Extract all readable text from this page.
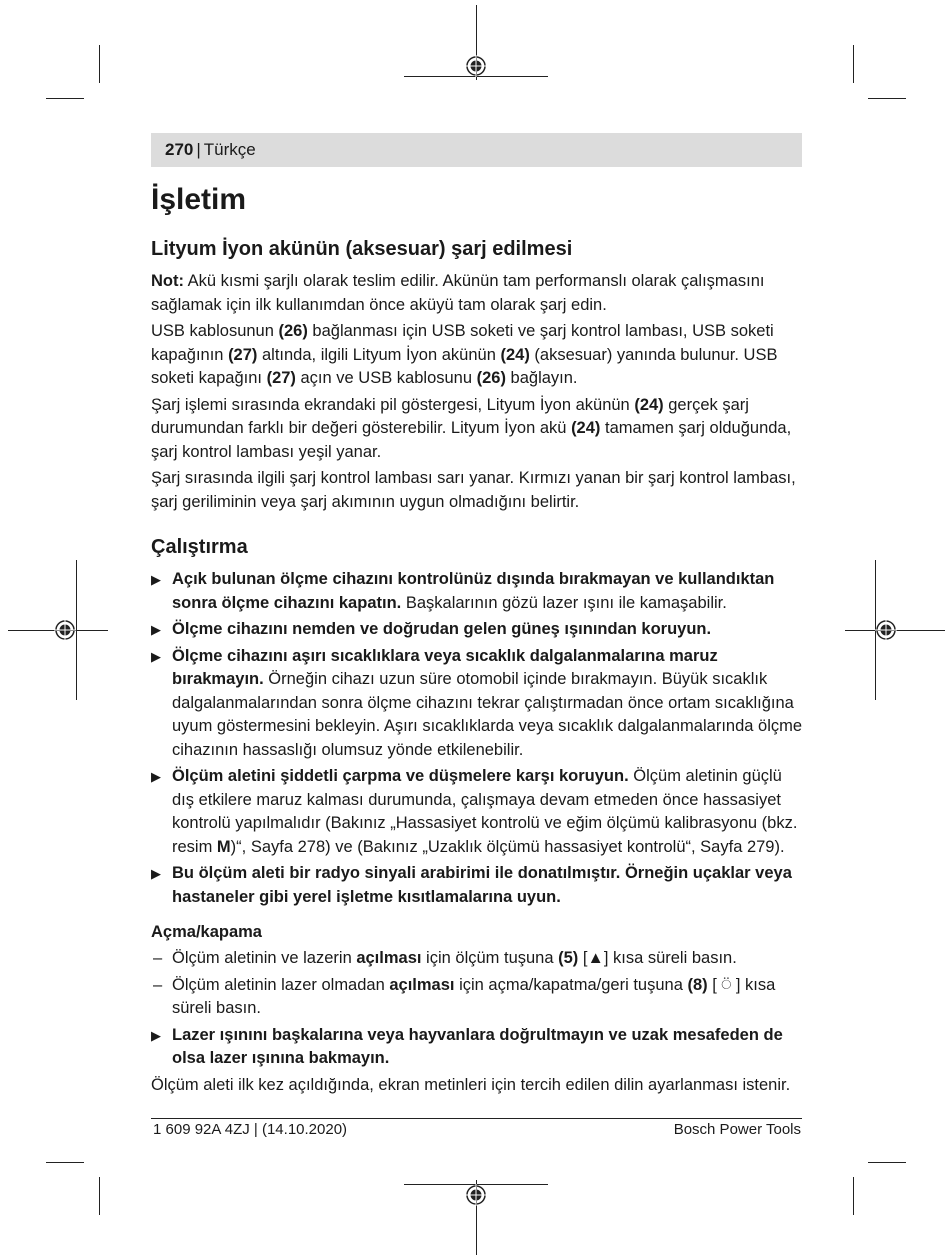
270 | Türkçe
İşletim
Lityum İyon akünün (aksesuar) şarj edilmesi

Not: Akü kısmi şarjlı olarak teslim edilir. Akünün tam performanslı olarak çalışmasını sağlamak için ilk kullanımdan önce aküyü tam olarak şarj edin.

USB kablosunun (26) bağlanması için USB soketi ve şarj kontrol lambası, USB soketi kapağının (27) altında, ilgili Lityum İyon akünün (24) (aksesuar) yanında bulunur. USB soketi kapağını (27) açın ve USB kablosunu (26) bağlayın.

Şarj işlemi sırasında ekrandaki pil göstergesi, Lityum İyon akünün (24) gerçek şarj durumundan farklı bir değeri gösterebilir. Lityum İyon akü (24) tamamen şarj olduğunda, şarj kontrol lambası yeşil yanar.

Şarj sırasında ilgili şarj kontrol lambası sarı yanar. Kırmızı yanan bir şarj kontrol lambası, şarj geriliminin veya şarj akımının uygun olmadığını belirtir.

Çalıştırma
▶ Açık bulunan ölçme cihazını kontrolünüz dışında bırakmayan ve kullandıktan sonra ölçme cihazını kapatın. Başkalarının gözü lazer ışını ile kamaşabilir.
▶ Ölçme cihazını nemden ve doğrudan gelen güneş ışınından koruyun.
▶ Ölçme cihazını aşırı sıcaklıklara veya sıcaklık dalgalanmalarına maruz bırakmayın. Örneğin cihazı uzun süre otomobil içinde bırakmayın. Büyük sıcaklık dalgalanmalarından sonra ölçme cihazını tekrar çalıştırmadan önce ortam sıcaklığına uyum göstermesini bekleyin. Aşırı sıcaklıklarda veya sıcaklık dalgalanmalarında ölçme cihazının hassaslığı olumsuz yönde etkilenebilir.
▶ Ölçüm aletini şiddetli çarpma ve düşmelere karşı koruyun. Ölçüm aletinin güçlü dış etkilere maruz kalması durumunda, çalışmaya devam etmeden önce hassasiyet kontrolü yapılmalıdır (Bakınız „Hassasiyet kontrolü ve eğim ölçümü kalibrasyonu (bkz. resim M)“, Sayfa 278) ve (Bakınız „Uzaklık ölçümü hassasiyet kontrolü“, Sayfa 279).
▶ Bu ölçüm aleti bir radyo sinyali arabirimi ile donatılmıştır. Örneğin uçaklar veya hastaneler gibi yerel işletme kısıtlamalarına uyun.
Açma/kapama
– Ölçüm aletinin ve lazerin açılması için ölçüm tuşuna (5) [▲] kısa süreli basın.
– Ölçüm aletinin lazer olmadan açılması için açma/kapatma/geri tuşuna (8) [ ⍥ ] kısa süreli basın.
▶ Lazer ışınını başkalarına veya hayvanlara doğrultmayın ve uzak mesafeden de olsa lazer ışınına bakmayın.

Ölçüm aleti ilk kez açıldığında, ekran metinleri için tercih edilen dilin ayarlanması istenir.

1 609 92A 4ZJ | (14.10.2020)	Bosch Power Tools
